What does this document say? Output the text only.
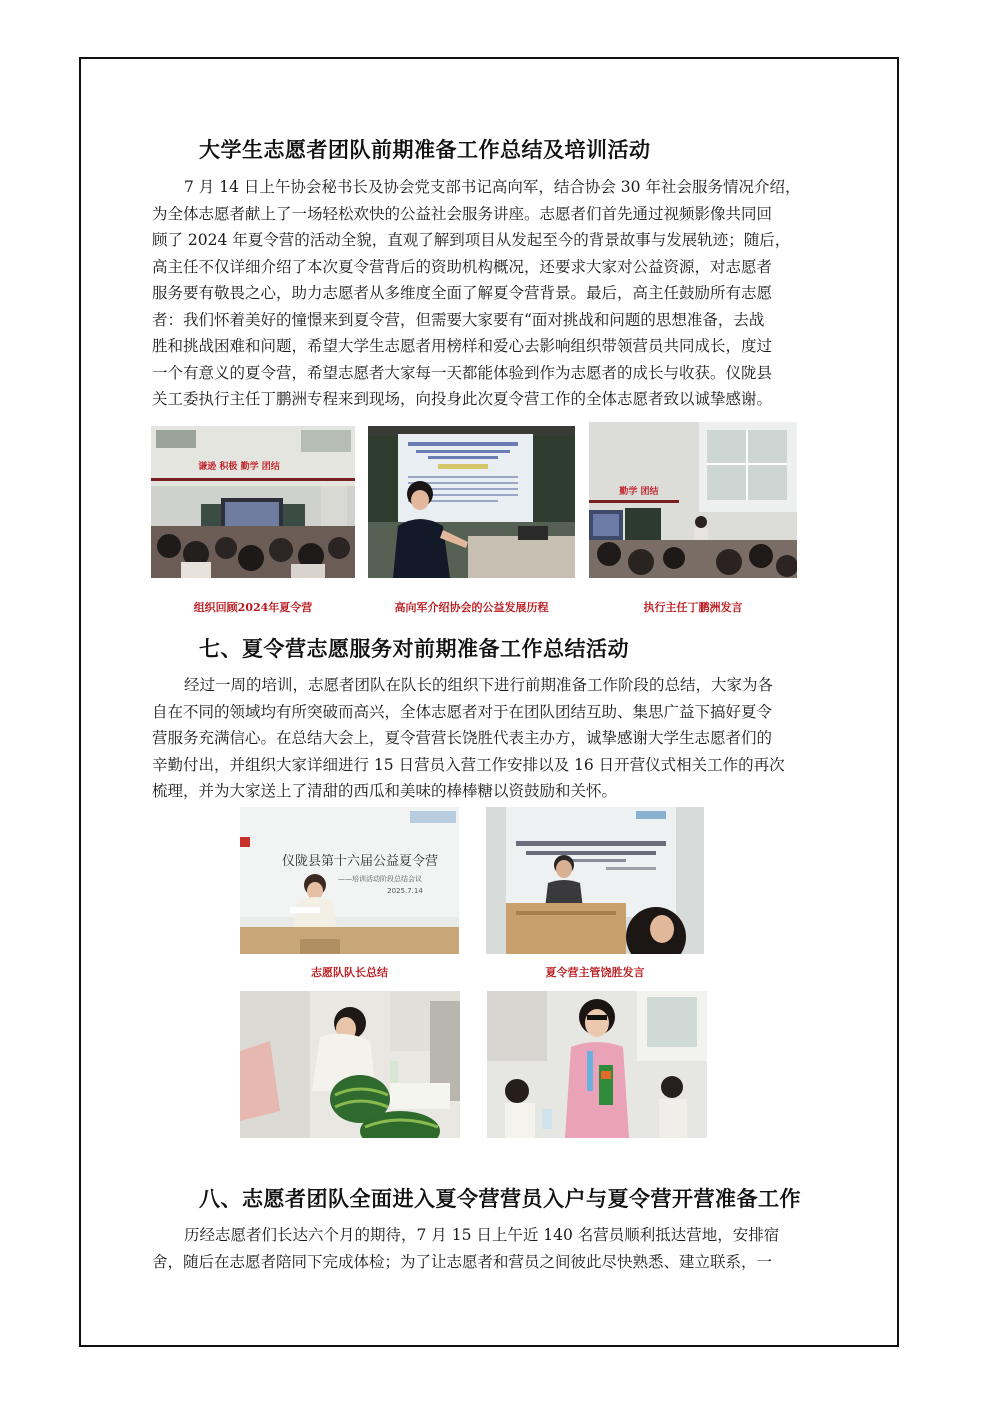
大学生志愿者团队前期准备工作总结及培训活动
7 月 14 日上午协会秘书长及协会党支部书记高向军，结合协会 30 年社会服务情况介绍，
为全体志愿者献上了一场轻松欢快的公益社会服务讲座。志愿者们首先通过视频影像共同回
顾了 2024 年夏令营的活动全貌，直观了解到项目从发起至今的背景故事与发展轨迹；随后，
高主任不仅详细介绍了本次夏令营背后的资助机构概况，还要求大家对公益资源，对志愿者
服务要有敬畏之心，助力志愿者从多维度全面了解夏令营背景。最后，高主任鼓励所有志愿
者：我们怀着美好的憧憬来到夏令营，但需要大家要有“面对挑战和问题的思想准备，去战
胜和挑战困难和问题，希望大学生志愿者用榜样和爱心去影响组织带领营员共同成长，度过
一个有意义的夏令营，希望志愿者大家每一天都能体验到作为志愿者的成长与收获。仪陇县
关工委执行主任丁鹏洲专程来到现场，向投身此次夏令营工作的全体志愿者致以诚挚感谢。
谦逊 积极 勤学 团结
勤学 团结
组织回顾2024年夏令营	高向军介绍协会的公益发展历程	执行主任丁鹏洲发言
七、夏令营志愿服务对前期准备工作总结活动
经过一周的培训，志愿者团队在队长的组织下进行前期准备工作阶段的总结，大家为各
自在不同的领域均有所突破而高兴，全体志愿者对于在团队团结互助、集思广益下搞好夏令
营服务充满信心。在总结大会上，夏令营营长饶胜代表主办方，诚挚感谢大学生志愿者们的
辛勤付出，并组织大家详细进行 15 日营员入营工作安排以及 16 日开营仪式相关工作的再次
梳理，并为大家送上了清甜的西瓜和美味的棒棒糖以资鼓励和关怀。
仪陇县第十六届公益夏令营
——培训活动阶段总结会议
2025.7.14
志愿队队长总结	夏令营主管饶胜发言
八、志愿者团队全面进入夏令营营员入户与夏令营开营准备工作
历经志愿者们长达六个月的期待，7 月 15 日上午近 140 名营员顺利抵达营地，安排宿
舍，随后在志愿者陪同下完成体检；为了让志愿者和营员之间彼此尽快熟悉、建立联系，一
